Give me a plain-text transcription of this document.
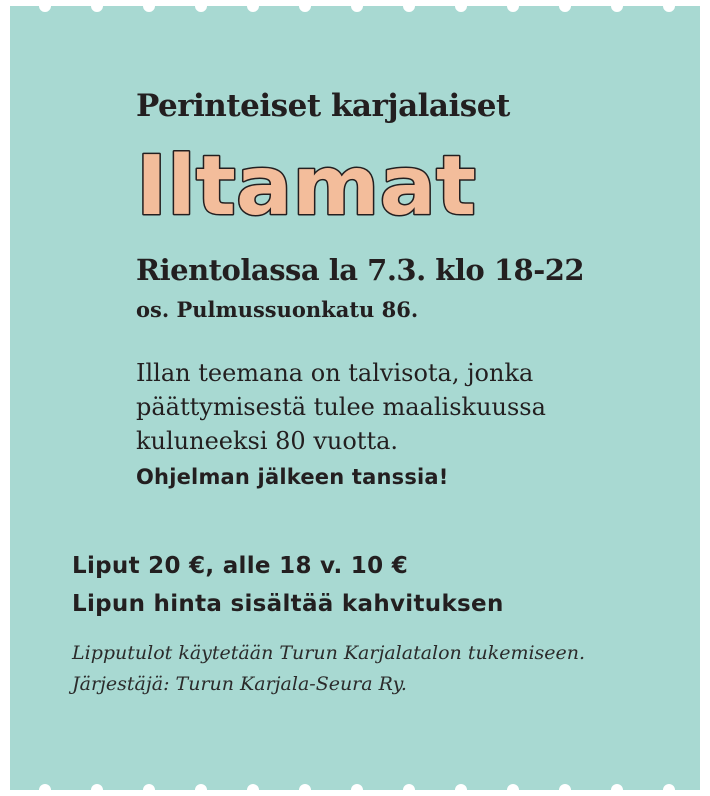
Perinteiset karjalaiset
Iltamat
Rientolassa la 7.3. klo 18-22
os. Pulmussuonkatu 86.
Illan teemana on talvisota, jonka
päättymisestä tulee maaliskuussa
kuluneeksi 80 vuotta.
Ohjelman jälkeen tanssia!
Liput 20 €, alle 18 v. 10 €
Lipun hinta sisältää kahvituksen
Lipputulot käytetään Turun Karjalatalon tukemiseen.
Järjestäjä: Turun Karjala-Seura Ry.
